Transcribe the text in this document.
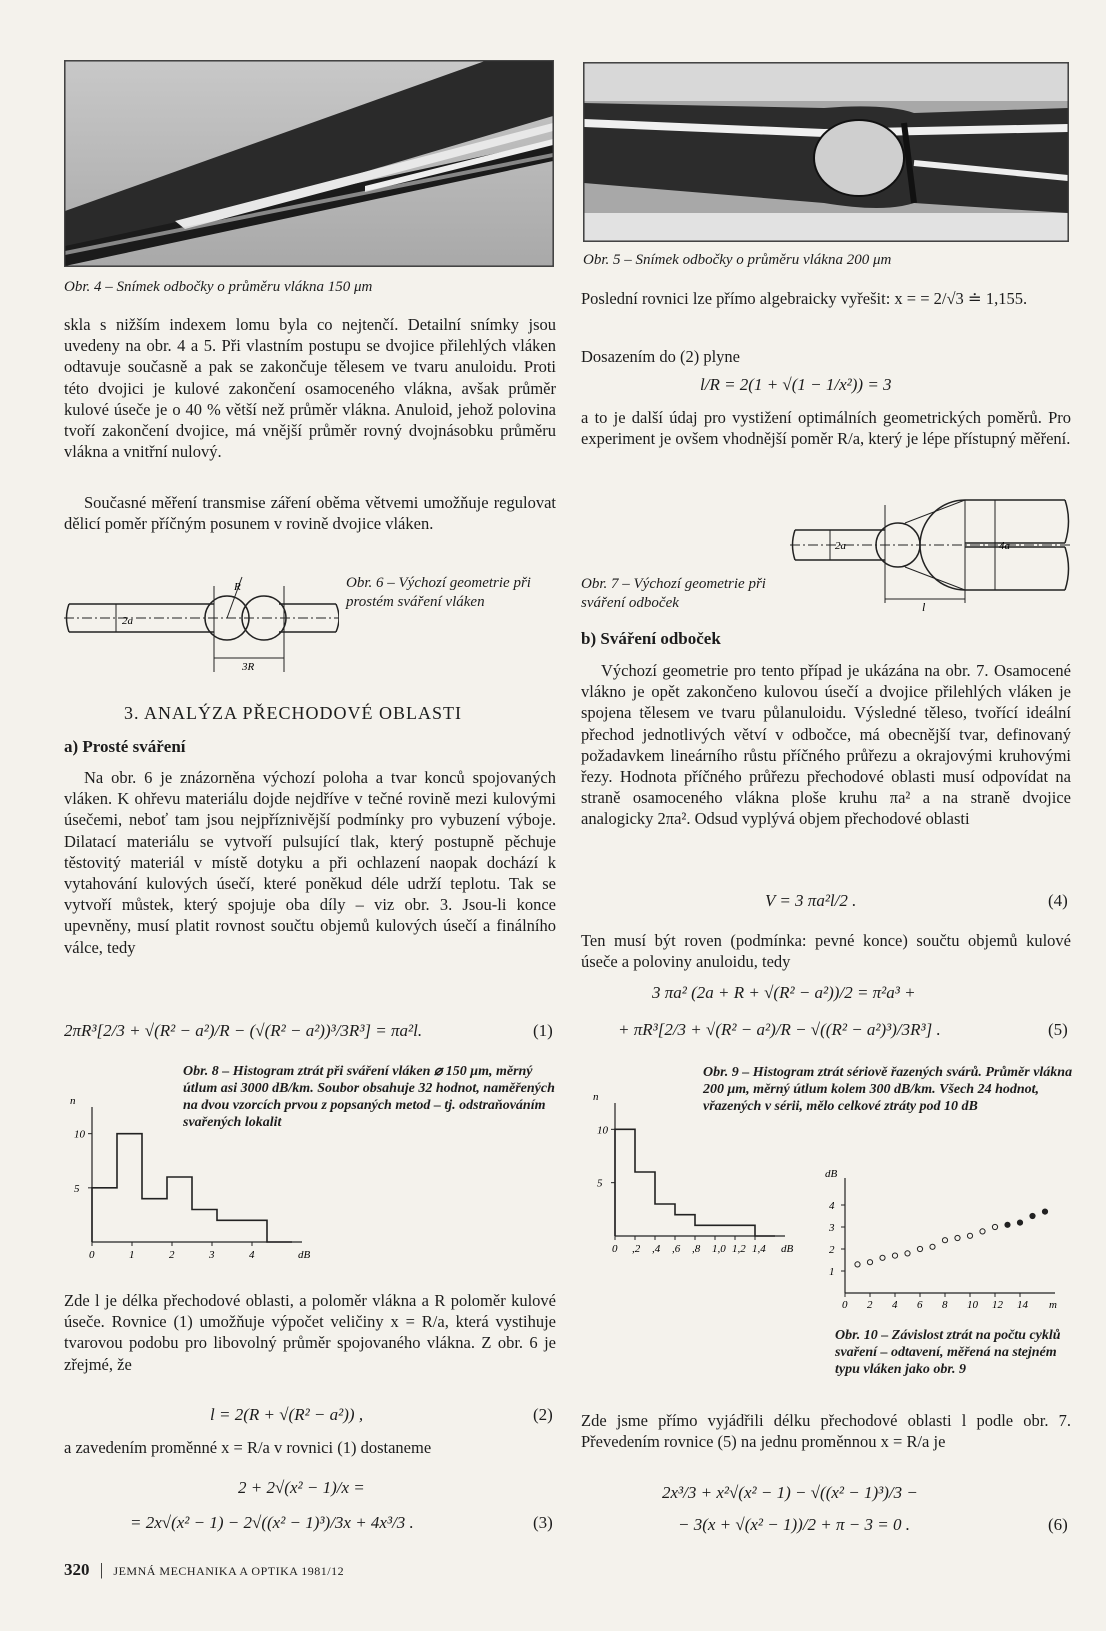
Obr. 4 – Snímek odbočky o průměru vlákna 150 μm
Obr. 5 – Snímek odbočky o průměru vlákna 200 μm

skla s nižším indexem lomu byla co nejtenčí. Detailní snímky jsou uvedeny na obr. 4 a 5. Při vlastním postupu se dvojice přilehlých vláken odtavuje současně a pak se zakončuje tělesem ve tvaru anuloidu. Proti této dvojici je kulové zakončení osamoceného vlákna, avšak průměr kulové úseče je o 40 % větší než průměr vlákna. Anuloid, jehož polovina tvoří zakončení dvojice, má vnější průměr rovný dvojnásobku průměru vlákna a vnitřní nulový.

Současné měření transmise záření oběma větvemi umožňuje regulovat dělicí poměr příčným posunem v rovině dvojice vláken.

R
2a
3R
Obr. 6 – Výchozí geometrie při prostém sváření vláken
3. ANALÝZA PŘECHODOVÉ OBLASTI
a) Prosté sváření

Na obr. 6 je znázorněna výchozí poloha a tvar konců spojovaných vláken. K ohřevu materiálu dojde nejdříve v tečné rovině mezi kulovými úsečemi, neboť tam jsou nejpříznivější podmínky pro vybuzení výboje. Dilatací materiálu se vytvoří pulsující tlak, který postupně pěchuje těstovitý materiál v místě dotyku a při ochlazení naopak dochází k vytahování kulových úsečí, které poněkud déle udrží teplotu. Tak se vytvoří můstek, který spojuje oba díly – viz obr. 3. Jsou-li konce upevněny, musí platit rovnost součtu objemů kulových úsečí a finálního válce, tedy

2πR³[2/3 + √(R² − a²)/R − (√(R² − a²))³/3R³] = πa²l.	(1)
0	1	2	3	4	dB
5
10
n
Obr. 8 – Histogram ztrát při sváření vláken ⌀ 150 μm, měrný útlum asi 3000 dB/km. Soubor obsahuje 32 hodnot, naměřených na dvou vzorcích prvou z popsaných metod – tj. odstraňováním svařených lokalit

Zde l je délka přechodové oblasti, a poloměr vlákna a R poloměr kulové úseče. Rovnice (1) umožňuje výpočet veličiny x = R/a, která vystihuje tvarovou podobu pro libovolný průměr spojovaného vlákna. Z obr. 6 je zřejmé, že

l = 2(R + √(R² − a²)) ,	(2)

a zavedením proměnné x = R/a v rovnici (1) dostaneme

2 + 2√(x² − 1)/x =
= 2x√(x² − 1) − 2√((x² − 1)³)/3x + 4x³/3 .	(3)
320 | JEMNÁ MECHANIKA A OPTIKA 1981/12

Poslední rovnici lze přímo algebraicky vyřešit: x = = 2/√3 ≐ 1,155.

Dosazením do (2) plyne

l/R = 2(1 + √(1 − 1/x²)) = 3

a to je další údaj pro vystižení optimálních geometrických poměrů. Pro experiment je ovšem vhodnější poměr R/a, který je lépe přístupný měření.

2a	4a
l
Obr. 7 – Výchozí geometrie při sváření odboček
b) Sváření odboček

Výchozí geometrie pro tento případ je ukázána na obr. 7. Osamocené vlákno je opět zakončeno kulovou úsečí a dvojice přilehlých vláken je spojena tělesem ve tvaru půlanuloidu. Výsledné těleso, tvořící ideální přechod jednotlivých větví v odbočce, má obecnější tvar, definovaný požadavkem lineárního růstu příčného průřezu a okrajovými kruhovými řezy. Hodnota příčného průřezu přechodové oblasti musí odpovídat na straně osamoceného vlákna ploše kruhu πa² a na straně dvojice analogicky 2πa². Odsud vyplývá objem přechodové oblasti

V = 3 πa²l/2 .	(4)

Ten musí být roven (podmínka: pevné konce) součtu objemů kulové úseče a poloviny anuloidu, tedy

3 πa² (2a + R + √(R² − a²))/2 = π²a³ +
+ πR³[2/3 + √(R² − a²)/R − √((R² − a²)³)/3R³] .	(5)
0 ,2 ,4 ,6 ,8 1,0 1,2 1,4 dB
5
10
n
Obr. 9 – Histogram ztrát sériově řazených svárů. Průměr vlákna 200 μm, měrný útlum kolem 300 dB/km. Všech 24 hodnot, vřazených v sérii, mělo celkové ztráty pod 10 dB
0 2 4 6 8 10 12 14 m
1
2
3
4
dB
Obr. 10 – Závislost ztrát na počtu cyklů svaření – odtavení, měřená na stejném typu vláken jako obr. 9

Zde jsme přímo vyjádřili délku přechodové oblasti l podle obr. 7. Převedením rovnice (5) na jednu proměnnou x = R/a je

2x³/3 + x²√(x² − 1) − √((x² − 1)³)/3 −
− 3(x + √(x² − 1))/2 + π − 3 = 0 .	(6)
